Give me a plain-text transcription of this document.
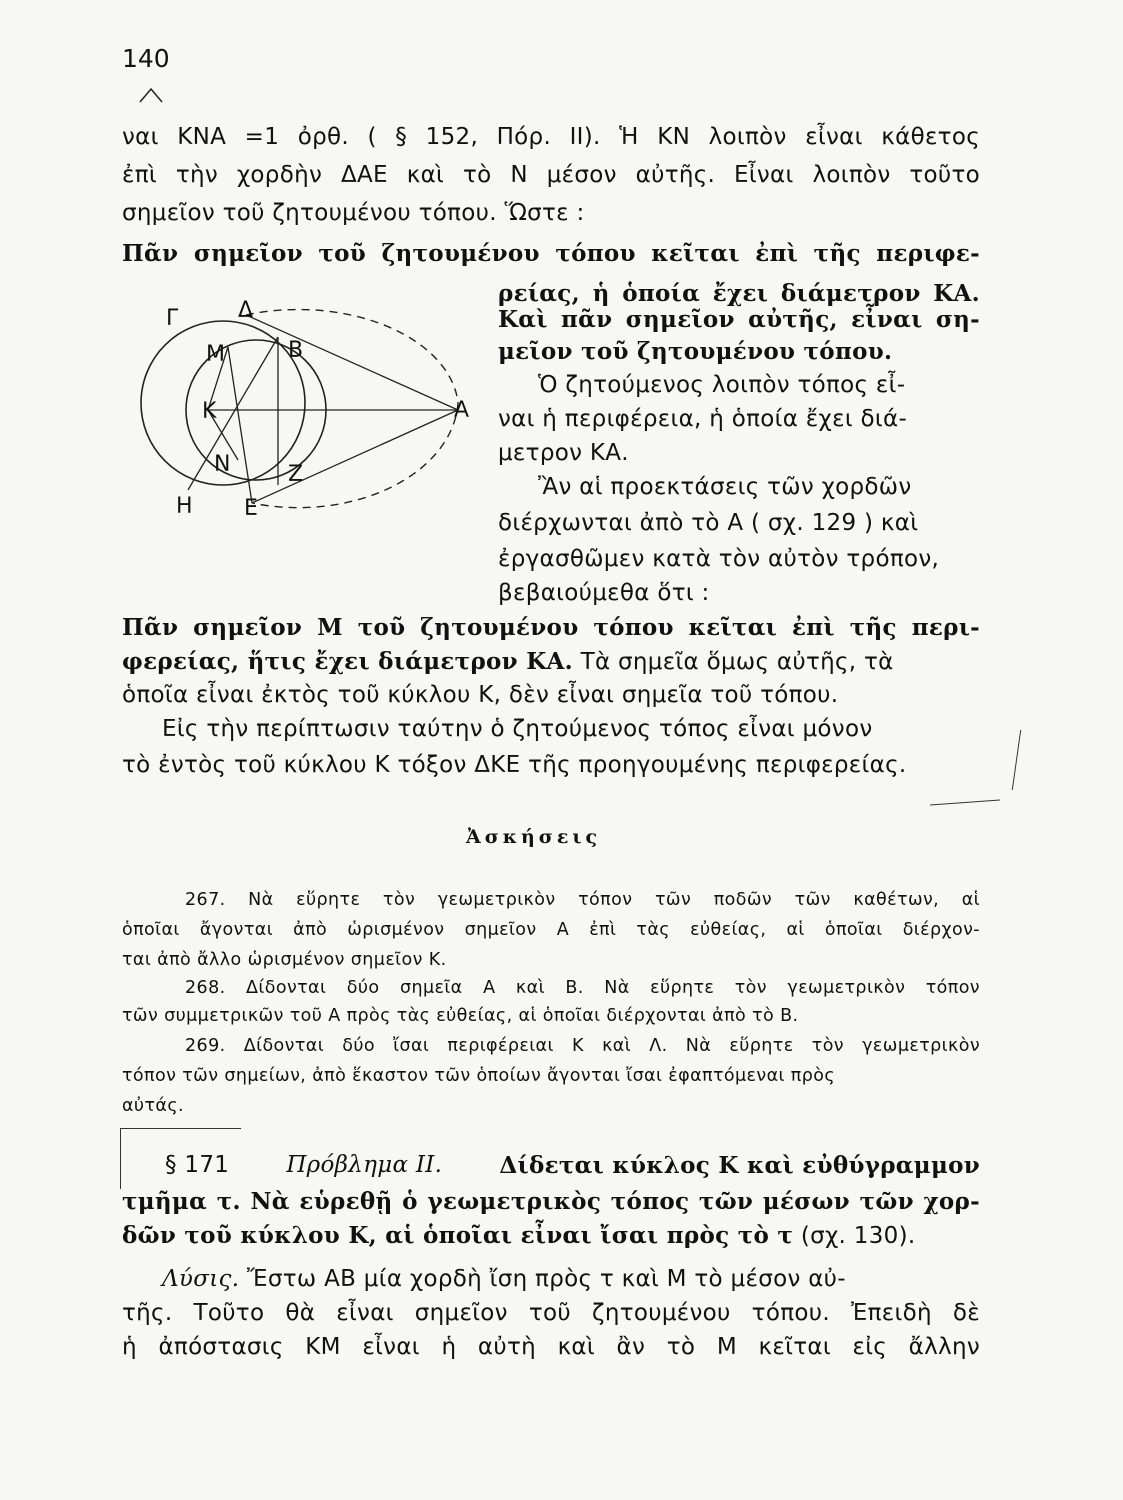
140
ναι ΚΝΑ =1 ὀρθ. ( § 152, Πόρ. ΙΙ). Ἡ ΚΝ λοιπὸν εἶναι κάθετος
ἐπὶ τὴν χορδὴν ΔΑΕ καὶ τὸ Ν μέσον αὐτῆς. Εἶναι λοιπὸν τοῦτο
σημεῖον τοῦ ζητουμένου τόπου. Ὥστε :
Πᾶν σημεῖον τοῦ ζητουμένου τόπου κεῖται ἐπὶ τῆς περιφε-
Γ	Δ
Μ	Β
Κ	Α
Ν	Ζ
Η Ε
ρείας, ἡ ὁποία ἔχει διάμετρον ΚΑ.
Καὶ πᾶν σημεῖον αὐτῆς, εἶναι ση-
μεῖον τοῦ ζητουμένου τόπου.
Ὁ ζητούμενος λοιπὸν τόπος εἶ-
ναι ἡ περιφέρεια, ἡ ὁποία ἔχει διά-
μετρον ΚΑ.
Ἂν αἱ προεκτάσεις τῶν χορδῶν
διέρχωνται ἀπὸ τὸ Α ( σχ. 129 ) καὶ
ἐργασθῶμεν κατὰ τὸν αὐτὸν τρόπον,
βεβαιούμεθα ὅτι :
Πᾶν σημεῖον Μ τοῦ ζητουμένου τόπου κεῖται ἐπὶ τῆς περι-
φερείας, ἥτις ἔχει διάμετρον ΚΑ. Τὰ σημεῖα ὅμως αὐτῆς, τὰ
ὁποῖα εἶναι ἐκτὸς τοῦ κύκλου Κ, δὲν εἶναι σημεῖα τοῦ τόπου.
Εἰς τὴν περίπτωσιν ταύτην ὁ ζητούμενος τόπος εἶναι μόνον
τὸ ἐντὸς τοῦ κύκλου Κ τόξον ΔΚΕ τῆς προηγουμένης περιφερείας.
Ἀσκήσεις
267. Νὰ εὕρητε τὸν γεωμετρικὸν τόπον τῶν ποδῶν τῶν καθέτων, αἱ
ὁποῖαι ἄγονται ἀπὸ ὡρισμένον σημεῖον Α ἐπὶ τὰς εὐθείας, αἱ ὁποῖαι διέρχον-
ται ἀπὸ ἄλλο ὡρισμένον σημεῖον Κ.
268. Δίδονται δύο σημεῖα Α καὶ Β. Νὰ εὕρητε τὸν γεωμετρικὸν τόπον
τῶν συμμετρικῶν τοῦ Α πρὸς τὰς εὐθείας, αἱ ὁποῖαι διέρχονται ἀπὸ τὸ Β.
269. Δίδονται δύο ἴσαι περιφέρειαι Κ καὶ Λ. Νὰ εὕρητε τὸν γεωμετρικὸν
τόπον τῶν σημείων, ἀπὸ ἕκαστον τῶν ὁποίων ἄγονται ἴσαι ἐφαπτόμεναι πρὸς
αὐτάς.
§ 171 Πρόβλημα ΙΙ. Δίδεται κύκλος Κ καὶ εὐθύγραμμον
τμῆμα τ. Νὰ εὑρεθῇ ὁ γεωμετρικὸς τόπος τῶν μέσων τῶν χορ-
δῶν τοῦ κύκλου Κ, αἱ ὁποῖαι εἶναι ἴσαι πρὸς τὸ τ (σχ. 130).
Λύσις. Ἔστω ΑΒ μία χορδὴ ἴση πρὸς τ καὶ Μ τὸ μέσον αὐ-
τῆς. Τοῦτο θὰ εἶναι σημεῖον τοῦ ζητουμένου τόπου. Ἐπειδὴ δὲ
ἡ ἀπόστασις ΚΜ εἶναι ἡ αὐτὴ καὶ ἂν τὸ Μ κεῖται εἰς ἄλλην
